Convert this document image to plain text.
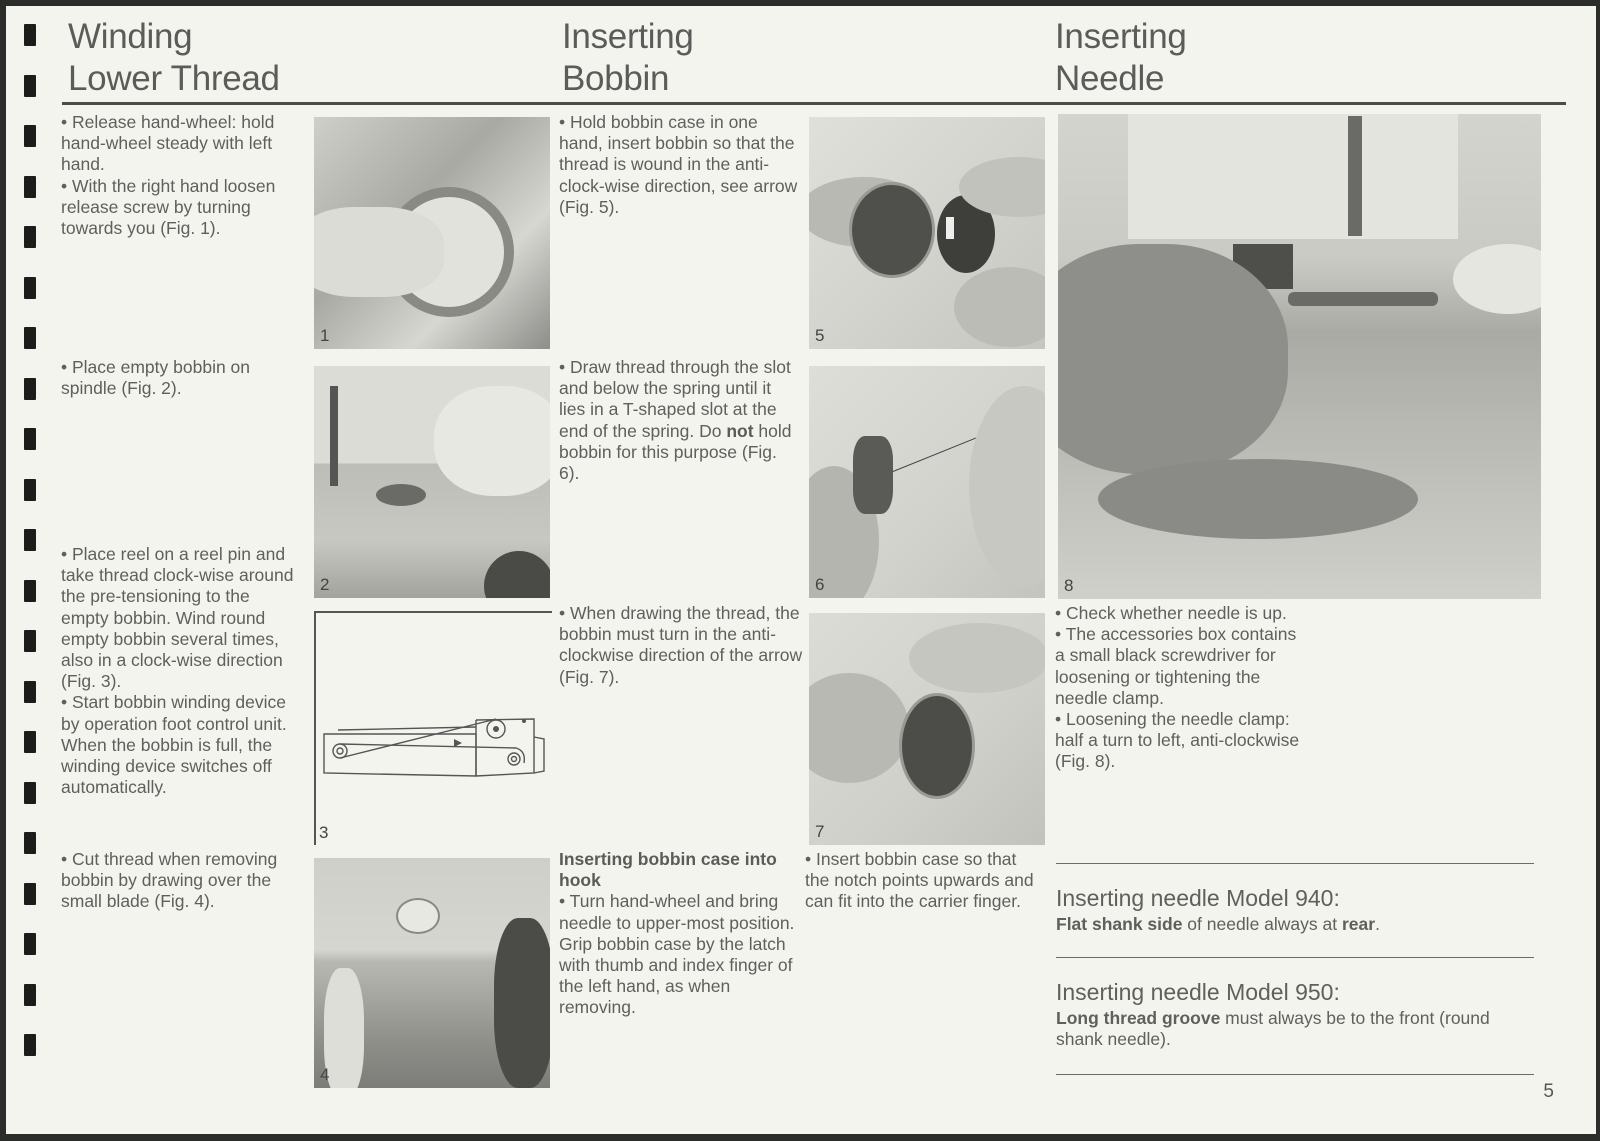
Winding
Lower Thread
Inserting
Bobbin
Inserting
Needle

• Release hand-wheel: hold hand-wheel steady with left hand.

• With the right hand loosen release screw by turning towards you (Fig. 1).

• Place empty bobbin on spindle (Fig. 2).

• Place reel on a reel pin and take thread clock-wise around the pre-tensioning to the empty bobbin. Wind round empty bobbin several times, also in a clock-wise direction (Fig. 3).

• Start bobbin winding device by operation foot control unit. When the bobbin is full, the winding device switches off automatically.

• Cut thread when removing bobbin by drawing over the small blade (Fig. 4).

1
2
3
4

• Hold bobbin case in one hand, insert bobbin so that the thread is wound in the anti-clock-wise direction, see arrow (Fig. 5).

• Draw thread through the slot and below the spring until it lies in a T-shaped slot at the end of the spring. Do not hold bobbin for this purpose (Fig. 6).

• When drawing the thread, the bobbin must turn in the anti-clockwise direction of the arrow (Fig. 7).

Inserting bobbin case into hook

• Turn hand-wheel and bring needle to upper-most position. Grip bobbin case by the latch with thumb and index finger of the left hand, as when removing.

5
6
7

• Insert bobbin case so that the notch points upwards and can fit into the carrier finger.

8

• Check whether needle is up.

• The accessories box contains a small black screwdriver for loosening or tightening the needle clamp.

• Loosening the needle clamp: half a turn to left, anti-clockwise (Fig. 8).

Inserting needle Model 940:
Flat shank side of needle always at rear.
Inserting needle Model 950:
Long thread groove must always be to the front (round shank needle).
5
